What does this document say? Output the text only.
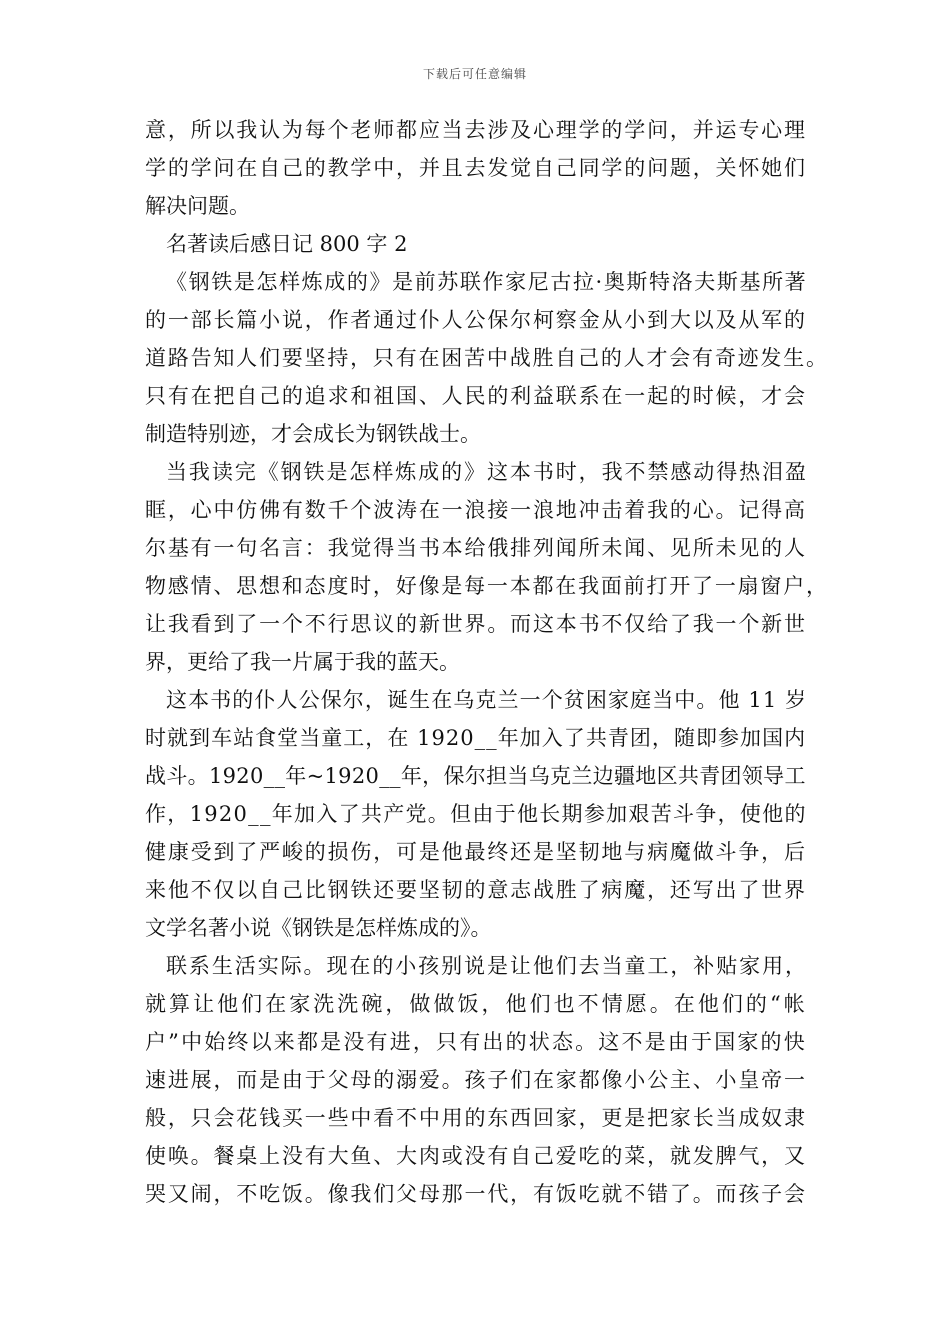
下载后可任意编辑
意，所以我认为每个老师都应当去涉及心理学的学问，并运专心理
学的学问在自己的教学中，并且去发觉自己同学的问题，关怀她们
解决问题。
名著读后感日记 800 字 2
《钢铁是怎样炼成的》是前苏联作家尼古拉·奥斯特洛夫斯基所著
的一部长篇小说，作者通过仆人公保尔柯察金从小到大以及从军的
道路告知人们要坚持，只有在困苦中战胜自己的人才会有奇迹发生。
只有在把自己的追求和祖国、人民的利益联系在一起的时候，才会
制造特别迹，才会成长为钢铁战士。
当我读完《钢铁是怎样炼成的》这本书时，我不禁感动得热泪盈
眶，心中仿佛有数千个波涛在一浪接一浪地冲击着我的心。记得高
尔基有一句名言：我觉得当书本给俄排列闻所未闻、见所未见的人
物感情、思想和态度时，好像是每一本都在我面前打开了一扇窗户，
让我看到了一个不行思议的新世界。而这本书不仅给了我一个新世
界，更给了我一片属于我的蓝天。
这本书的仆人公保尔，诞生在乌克兰一个贫困家庭当中。他 11 岁
时就到车站食堂当童工，在 1920__年加入了共青团，随即参加国内
战斗。1920__年~1920__年，保尔担当乌克兰边疆地区共青团领导工
作，1920__年加入了共产党。但由于他长期参加艰苦斗争，使他的
健康受到了严峻的损伤，可是他最终还是坚韧地与病魔做斗争，后
来他不仅以自己比钢铁还要坚韧的意志战胜了病魔，还写出了世界
文学名著小说《钢铁是怎样炼成的》。
联系生活实际。现在的小孩别说是让他们去当童工，补贴家用，
就算让他们在家洗洗碗，做做饭，他们也不情愿。在他们的“帐
户”中始终以来都是没有进，只有出的状态。这不是由于国家的快
速进展，而是由于父母的溺爱。孩子们在家都像小公主、小皇帝一
般，只会花钱买一些中看不中用的东西回家，更是把家长当成奴隶
使唤。餐桌上没有大鱼、大肉或没有自己爱吃的菜，就发脾气，又
哭又闹，不吃饭。像我们父母那一代，有饭吃就不错了。而孩子会
